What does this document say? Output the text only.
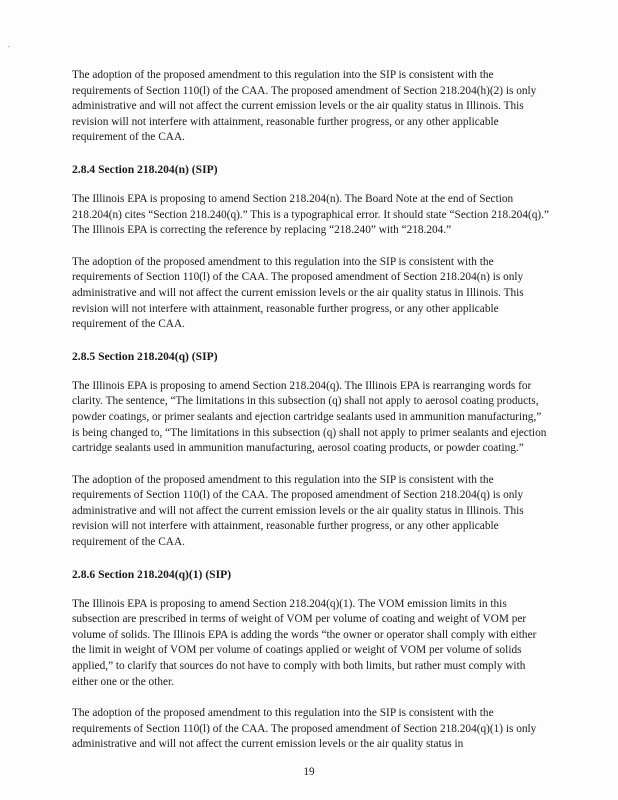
The adoption of the proposed amendment to this regulation into the SIP is consistent with the requirements of Section 110(l) of the CAA. The proposed amendment of Section 218.204(h)(2) is only administrative and will not affect the current emission levels or the air quality status in Illinois. This revision will not interfere with attainment, reasonable further progress, or any other applicable requirement of the CAA.

2.8.4 Section 218.204(n) (SIP)

The Illinois EPA is proposing to amend Section 218.204(n). The Board Note at the end of Section 218.204(n) cites “Section 218.240(q).” This is a typographical error. It should state “Section 218.204(q).” The Illinois EPA is correcting the reference by replacing “218.240” with “218.204.”

The adoption of the proposed amendment to this regulation into the SIP is consistent with the requirements of Section 110(l) of the CAA. The proposed amendment of Section 218.204(n) is only administrative and will not affect the current emission levels or the air quality status in Illinois. This revision will not interfere with attainment, reasonable further progress, or any other applicable requirement of the CAA.

2.8.5 Section 218.204(q) (SIP)

The Illinois EPA is proposing to amend Section 218.204(q). The Illinois EPA is rearranging words for clarity. The sentence, “The limitations in this subsection (q) shall not apply to aerosol coating products, powder coatings, or primer sealants and ejection cartridge sealants used in ammunition manufacturing,” is being changed to, “The limitations in this subsection (q) shall not apply to primer sealants and ejection cartridge sealants used in ammunition manufacturing, aerosol coating products, or powder coating.”

The adoption of the proposed amendment to this regulation into the SIP is consistent with the requirements of Section 110(l) of the CAA. The proposed amendment of Section 218.204(q) is only administrative and will not affect the current emission levels or the air quality status in Illinois. This revision will not interfere with attainment, reasonable further progress, or any other applicable requirement of the CAA.

2.8.6 Section 218.204(q)(1) (SIP)

The Illinois EPA is proposing to amend Section 218.204(q)(1). The VOM emission limits in this subsection are prescribed in terms of weight of VOM per volume of coating and weight of VOM per volume of solids. The Illinois EPA is adding the words “the owner or operator shall comply with either the limit in weight of VOM per volume of coatings applied or weight of VOM per volume of solids applied,” to clarify that sources do not have to comply with both limits, but rather must comply with either one or the other.

The adoption of the proposed amendment to this regulation into the SIP is consistent with the requirements of Section 110(l) of the CAA. The proposed amendment of Section 218.204(q)(1) is only administrative and will not affect the current emission levels or the air quality status in

19
